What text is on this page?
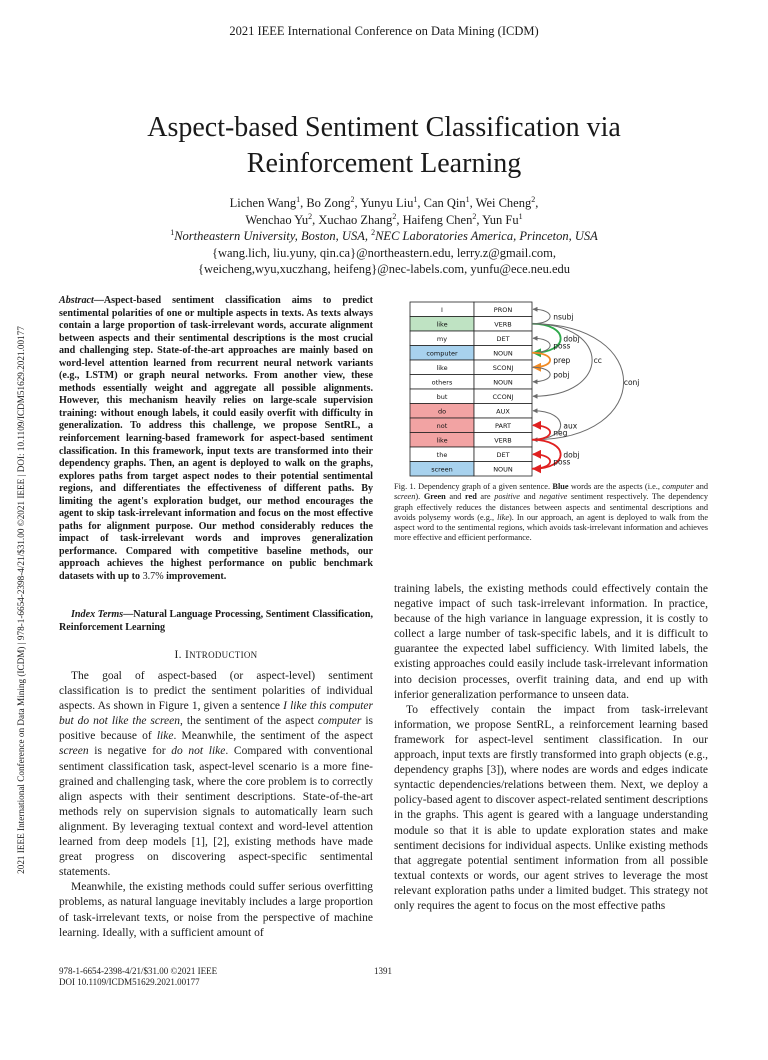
2021 IEEE International Conference on Data Mining (ICDM)
2021 IEEE International Conference on Data Mining (ICDM) | 978-1-6654-2398-4/21/$31.00 ©2021 IEEE | DOI: 10.1109/ICDM51629.2021.00177
Aspect-based Sentiment Classification via
Reinforcement Learning
Lichen Wang$^1$, Bo Zong$^2$, Yunyu Liu$^1$, Can Qin$^1$, Wei Cheng$^2$,
Wenchao Yu$^2$, Xuchao Zhang$^2$, Haifeng Chen$^2$, Yun Fu$^1$
$^1$Northeastern University, Boston, USA, $^2$NEC Laboratories America, Princeton, USA
{wang.lich, liu.yuny, qin.ca}@northeastern.edu, lerry.z@gmail.com,
{weicheng,wyu,xuczhang, heifeng}@nec-labels.com, yunfu@ece.neu.edu
Abstract—Aspect-based sentiment classification aims to predict sentimental polarities of one or multiple aspects in texts. As texts always contain a large proportion of task-irrelevant words, accurate alignment between aspects and their sentimental descriptions is the most crucial and challenging step. State-of-the-art approaches are mainly based on word-level attention learned from recurrent neural network variants (e.g., LSTM) or graph neural networks. From another view, these methods essentially weight and aggregate all possible alignments. However, this mechanism heavily relies on large-scale supervision training: without enough labels, it could easily overfit with difficulty in generalization. To address this challenge, we propose SentRL, a reinforcement learning-based framework for aspect-based sentiment classification. In this framework, input texts are transformed into their dependency graphs. Then, an agent is deployed to walk on the graphs, explores paths from target aspect nodes to their potential sentimental regions, and differentiates the effectiveness of different paths. By limiting the agent's exploration budget, our method encourages the agent to skip task-irrelevant information and focus on the most effective paths for alignment purpose. Our method considerably reduces the impact of task-irrelevant words and improves generalization performance. Compared with competitive baseline methods, our approach achieves the highest performance on public benchmark datasets with up to 3.7% improvement.
Index Terms—Natural Language Processing, Sentiment Classification, Reinforcement Learning
I. INTRODUCTION

The goal of aspect-based (or aspect-level) sentiment classification is to predict the sentiment polarities of individual aspects. As shown in Figure 1, given a sentence I like this computer but do not like the screen, the sentiment of the aspect computer is positive because of like. Meanwhile, the sentiment of the aspect screen is negative for do not like. Compared with conventional sentiment classification task, aspect-level scenario is a more fine-grained and challenging task, where the core problem is to correctly align aspects with their sentiment descriptions. State-of-the-art methods rely on supervision signals to automatically learn such alignment. By leveraging textual context and word-level attention learned from deep models [1], [2], existing methods have made great progress on discovering aspect-specific sentimental statements.

Meanwhile, the existing methods could suffer serious overfitting problems, as natural language inevitably includes a large proportion of task-irrelevant texts, or noise from the perspective of machine learning. Ideally, with a sufficient amount of

I	PRON
like	VERB
my	DET
computer	NOUN
like	SCONJ
others	NOUN
but	CCONJ
do	AUX
not	PART
like	VERB
the	DET
screen	NOUN
nsubj
dobj
poss
prep
pobj
cc
conj
aux
neg
dobj
poss
Fig. 1. Dependency graph of a given sentence. Blue words are the aspects (i.e., computer and screen). Green and red are positive and negative sentiment respectively. The dependency graph effectively reduces the distances between aspects and sentimental descriptions and avoids polysemy words (e.g., like). In our approach, an agent is deployed to walk from the aspect word to the sentimental regions, which avoids task-irrelevant information and achieves more effective and efficient performance.

training labels, the existing methods could effectively contain the negative impact of such task-irrelevant information. In practice, because of the high variance in language expression, it is costly to collect a large number of task-specific labels, and it is difficult to guarantee the expected label sufficiency. With limited labels, the existing approaches could easily include task-irrelevant information into decision processes, overfit training data, and end up with inferior generalization performance to unseen data.

To effectively contain the impact from task-irrelevant information, we propose SentRL, a reinforcement learning based framework for aspect-level sentiment classification. In our approach, input texts are firstly transformed into graph objects (e.g., dependency graphs [3]), where nodes are words and edges indicate syntactic dependencies/relations between them. Next, we deploy a policy-based agent to discover aspect-related sentiment descriptions in the graphs. This agent is geared with a language understanding module so that it is able to update exploration states and make sentiment decisions for individual aspects. Unlike existing methods that aggregate potential sentiment information from all possible textual contexts or words, our agent strives to leverage the most relevant exploration paths under a limited budget. This strategy not only requires the agent to focus on the most effective paths

978-1-6654-2398-4/21/$31.00 ©2021 IEEE
DOI 10.1109/ICDM51629.2021.00177
1391
